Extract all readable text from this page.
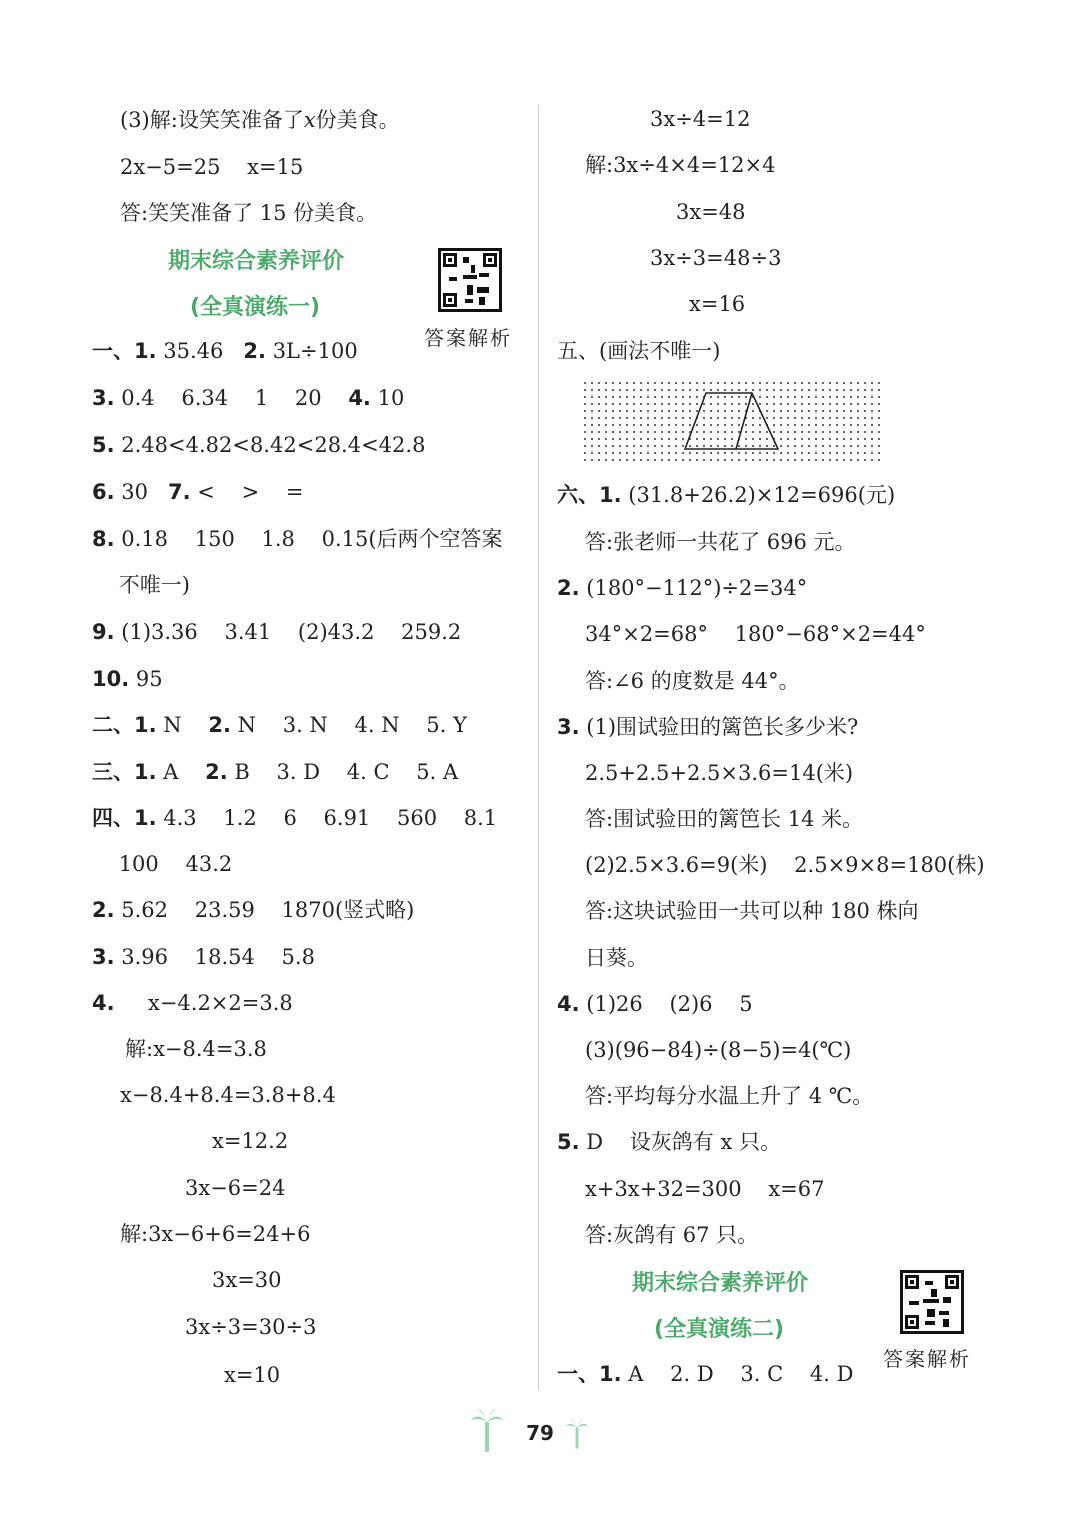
(3)解:设笑笑准备了x份美食。
2x−5=25    x=15
答:笑笑准备了 15 份美食。
期末综合素养评价
(全真演练一)
答案解析
一、1. 35.46   2. 3L÷100
3. 0.4    6.34    1    20    4. 10
5. 2.48<4.82<8.42<28.4<42.8
6. 30   7. <    >    =
8. 0.18    150    1.8    0.15(后两个空答案
不唯一)
9. (1)3.36    3.41    (2)43.2    259.2
10. 95
二、1. N    2. N    3. N    4. N    5. Y
三、1. A    2. B    3. D    4. C    5. A
四、1. 4.3    1.2    6    6.91    560    8.1
100    43.2
2. 5.62    23.59    1870(竖式略)
3. 3.96    18.54    5.8
4.     x−4.2×2=3.8
解:x−8.4=3.8
x−8.4+8.4=3.8+8.4
x=12.2
3x−6=24
解:3x−6+6=24+6
3x=30
3x÷3=30÷3
x=10
3x÷4=12
解:3x÷4×4=12×4
3x=48
3x÷3=48÷3
x=16
五、(画法不唯一)
六、1. (31.8+26.2)×12=696(元)
答:张老师一共花了 696 元。
2. (180°−112°)÷2=34°
34°×2=68°    180°−68°×2=44°
答:∠6 的度数是 44°。
3. (1)围试验田的篱笆长多少米?
2.5+2.5+2.5×3.6=14(米)
答:围试验田的篱笆长 14 米。
(2)2.5×3.6=9(米)    2.5×9×8=180(株)
答:这块试验田一共可以种 180 株向
日葵。
4. (1)26    (2)6    5
(3)(96−84)÷(8−5)=4(℃)
答:平均每分水温上升了 4 ℃。
5. D    设灰鸽有 x 只。
x+3x+32=300    x=67
答:灰鸽有 67 只。
期末综合素养评价
(全真演练二)
答案解析
一、1. A    2. D    3. C    4. D
79
